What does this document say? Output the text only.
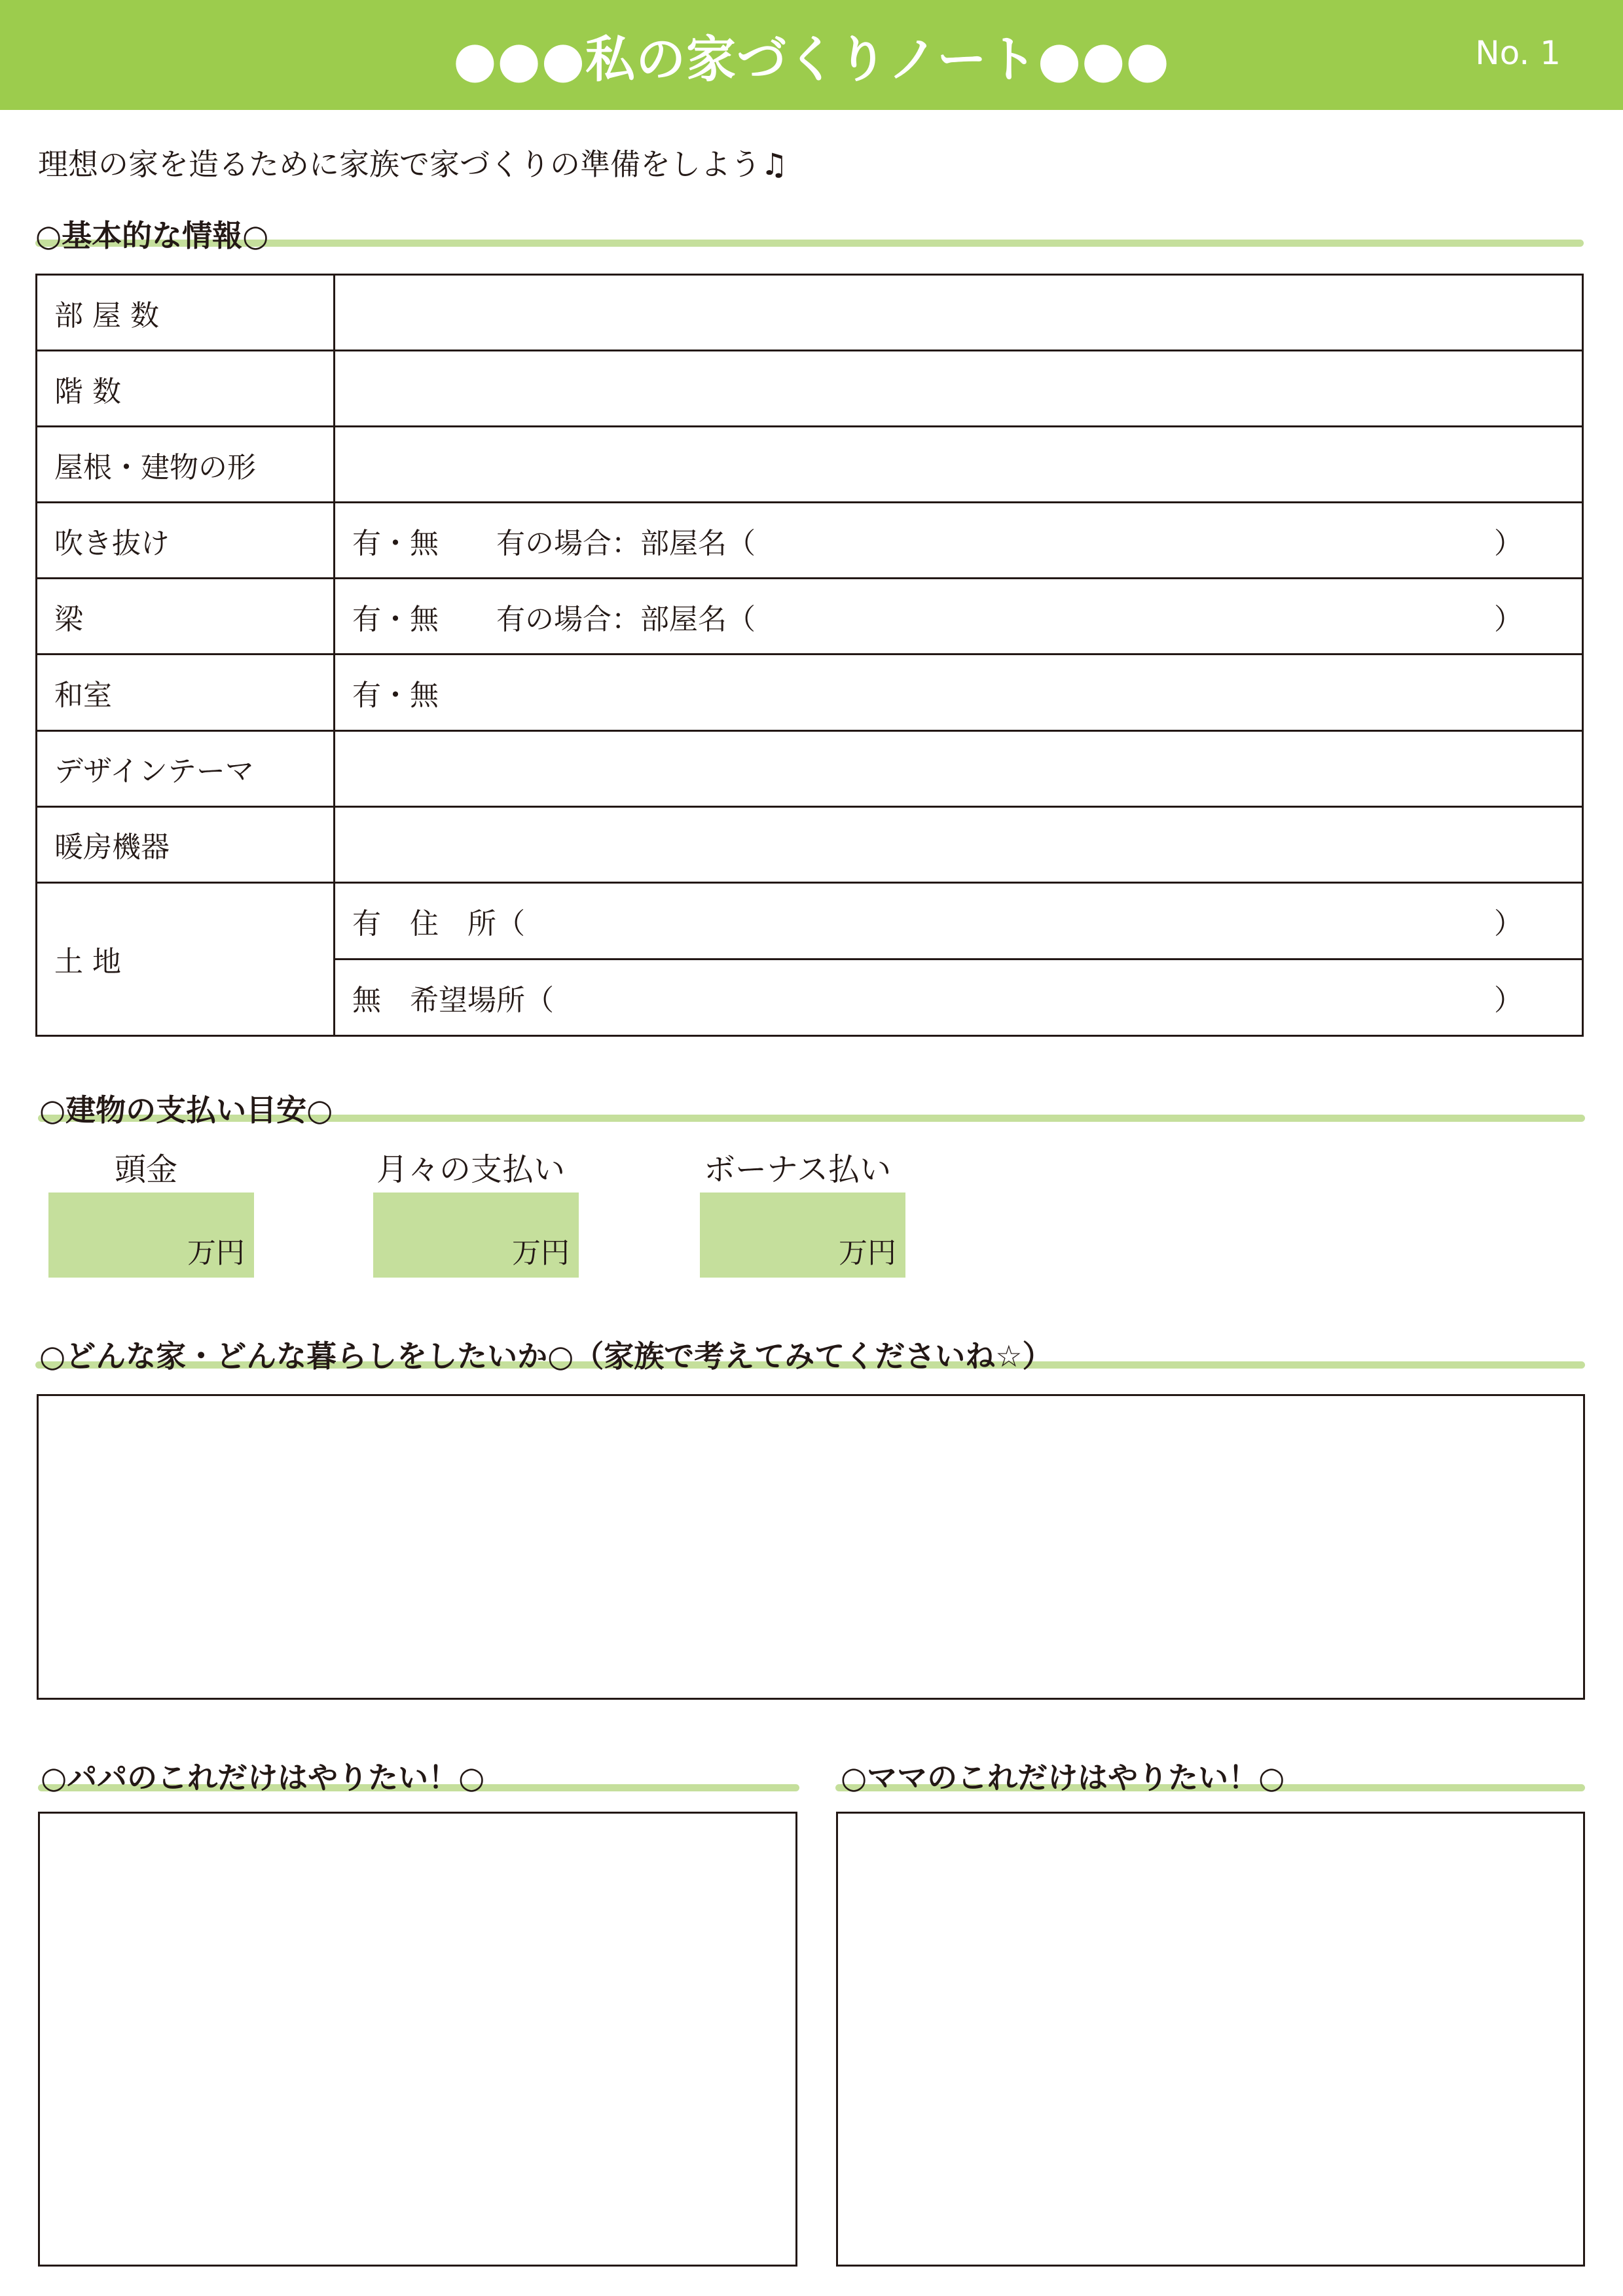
●●●私の家づくりノート●●●	No. 1
理想の家を造るために家族で家づくりの準備をしよう♫
○基本的な情報○
部 屋 数	
階 数	
屋根・建物の形	
吹き抜け	有・無　　有の場合：部屋名（ ）

梁	有・無　　有の場合：部屋名（ ）

和室	有・無
デザインテーマ	
暖房機器	
土 地	有　住　所（ ）

	無　希望場所（ ）
○建物の支払い目安○
頭金
万円
月々の支払い
万円
ボーナス払い
万円
○どんな家・どんな暮らしをしたいか○（家族で考えてみてくださいね☆）
○パパのこれだけはやりたい！○	○ママのこれだけはやりたい！○
